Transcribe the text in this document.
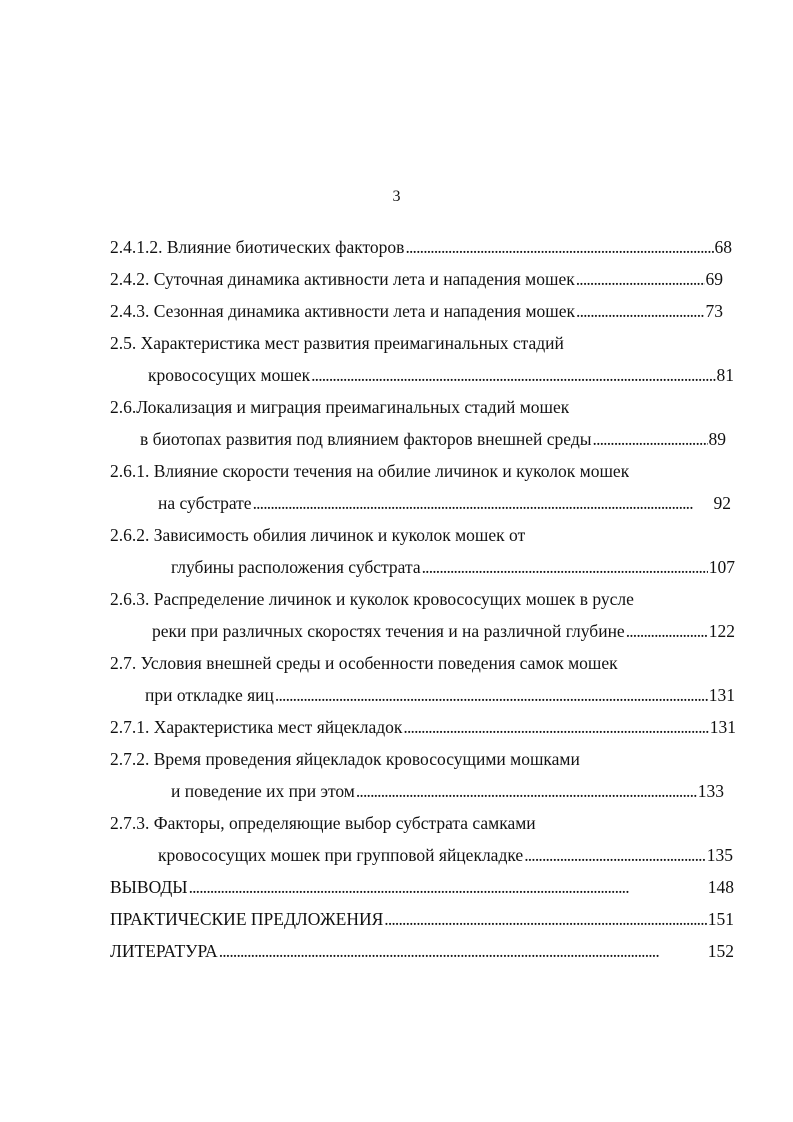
3
2.4.1.2. Влияние биотических факторов . . .	68
2.4.2. Суточная динамика активности лета и нападения мошек . . .	69
2.4.3. Сезонная динамика активности лета и нападения мошек . . .	73
2.5. Характеристика мест развития преимагинальных стадий
кровососущих мошек . . .	81
2.6.Локализация и миграция преимагинальных стадий мошек
в биотопах развития под влиянием факторов внешней среды . . .	89
2.6.1. Влияние скорости течения на обилие личинок и куколок мошек
на субстрате . . .	92
2.6.2. Зависимость обилия личинок и куколок мошек от
глубины расположения субстрата . . .	107
2.6.3. Распределение личинок и куколок кровососущих мошек в русле
реки при различных скоростях течения и на различной глубине . . .	122
2.7. Условия внешней среды и особенности поведения самок мошек
при откладке яиц . . .	131
2.7.1. Характеристика мест яйцекладок . . .	131
2.7.2. Время проведения яйцекладок кровососущими мошками
и поведение их при этом . . .	133
2.7.3. Факторы, определяющие выбор субстрата самками
кровососущих мошек при групповой яйцекладке . . .	135
ВЫВОДЫ . . .	148
ПРАКТИЧЕСКИЕ ПРЕДЛОЖЕНИЯ . . .	151
ЛИТЕРАТУРА . . .	152
